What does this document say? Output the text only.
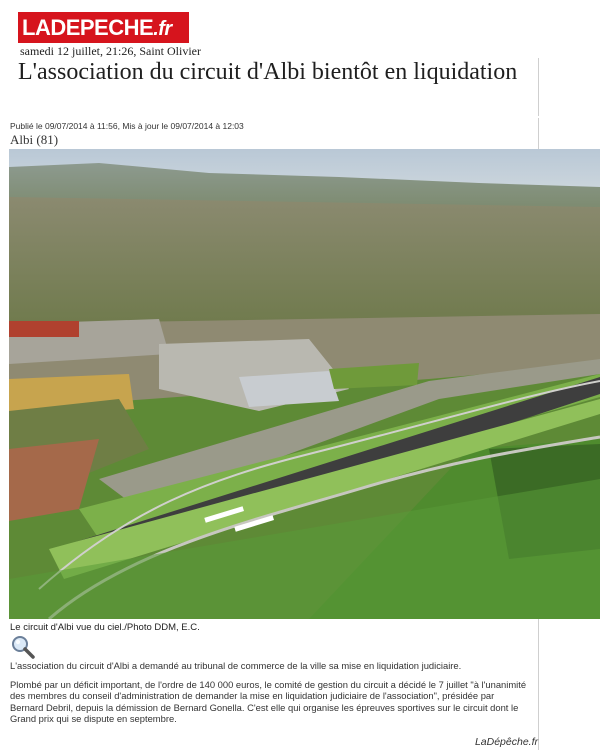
LADEPECHE.fr
samedi 12 juillet, 21:26, Saint Olivier
L'association du circuit d'Albi bientôt en liquidation
Publié le 09/07/2014 à 11:56, Mis à jour le 09/07/2014 à 12:03
Albi (81)
Le circuit d'Albi vue du ciel./Photo DDM, E.C.

L'association du circuit d'Albi a demandé au tribunal de commerce de la ville sa mise en liquidation judiciaire.

Plombé par un déficit important, de l'ordre de 140 000 euros, le comité de gestion du circuit a décidé le 7 juillet "à l'unanimité des membres du conseil d'administration de demander la mise en liquidation judiciaire de l'association", présidée par Bernard Debril, depuis la démission de Bernard Gonella. C'est elle qui organise les épreuves sportives sur le circuit dont le Grand prix qui se dispute en septembre.

LaDépêche.fr
